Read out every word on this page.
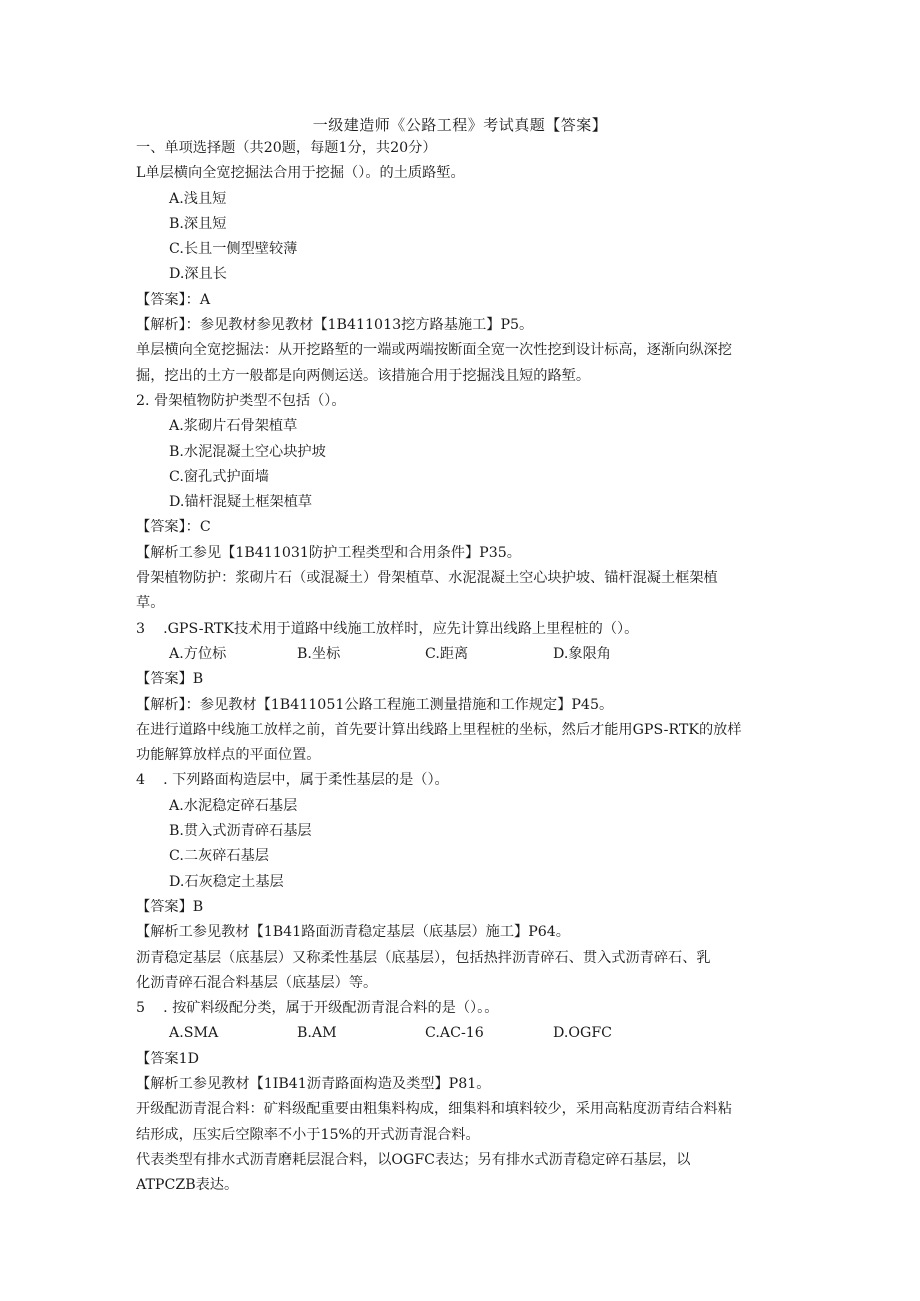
一级建造师《公路工程》考试真题【答案】
一、单项选择题（共20题，每题1分，共20分）
L单层横向全宽挖掘法合用于挖掘（）。的土质路堑。
A.浅且短
B.深且短
C.长且一侧型壁较薄
D.深且长
【答案】：A
【解析】：参见教材参见教材【1B411013挖方路基施工】P5。
单层横向全宽挖掘法：从开挖路堑的一端或两端按断面全宽一次性挖到设计标高，逐渐向纵深挖
掘，挖出的土方一般都是向两侧运送。该措施合用于挖掘浅且短的路堑。
2. 骨架植物防护类型不包括（）。
A.浆砌片石骨架植草
B.水泥混凝土空心块护坡
C.窗孔式护面墙
D.锚杆混疑土框架植草
【答案】：C
【解析工参见【1B411031防护工程类型和合用条件】P35。
骨架植物防护：浆砌片石（或混凝土）骨架植草、水泥混凝土空心块护坡、锚杆混凝土框架植
草。
3    .GPS-RTK技术用于道路中线施工放样时，应先计算出线路上里程桩的（）。
A.方位标	B.坐标	C.距离	D.象限角
【答案】B
【解析】：参见教材【1B411051公路工程施工测量措施和工作规定】P45。
在进行道路中线施工放样之前，首先要计算出线路上里程桩的坐标，然后才能用GPS-RTK的放样
功能解算放样点的平面位置。
4    . 下列路面构造层中，属于柔性基层的是（）。
A.水泥稳定碎石基层
B.贯入式沥青碎石基层
C.二灰碎石基层
D.石灰稳定土基层
【答案】B
【解析工参见教材【1B41路面沥青稳定基层（底基层）施工】P64。
沥青稳定基层（底基层）又称柔性基层（底基层），包括热拌沥青碎石、贯入式沥青碎石、乳
化沥青碎石混合料基层（底基层）等。
5    . 按矿料级配分类，属于开级配沥青混合料的是（）。。
A.SMA	B.AM	C.AC-16	D.OGFC
【答案1D
【解析工参见教材【1IB41沥青路面构造及类型】P81。
开级配沥青混合料：矿料级配重要由粗集料构成，细集料和填料较少，采用高粘度沥青结合料粘
结形成，压实后空隙率不小于15%的开式沥青混合料。
代表类型有排水式沥青磨耗层混合料，以OGFC表达；另有排水式沥青稳定碎石基层，以
ATPCZB表达。
